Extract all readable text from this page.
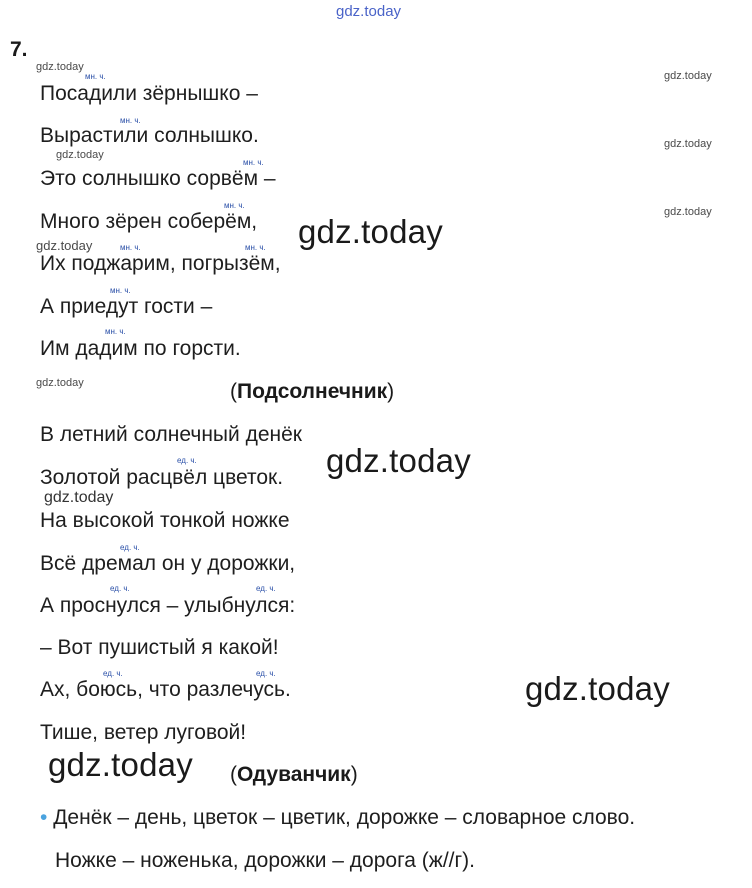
gdz.today
7.
gdz.today
gdz.today
gdz.today
gdz.today
gdz.today
gdz.today
gdz.today
gdz.today
gdz.today
gdz.today
gdz.today
gdz.today
мн. ч.
мн. ч.
мн. ч.
мн. ч.
мн. ч.	мн. ч.
мн. ч.
мн. ч.
Посадили зёрнышко –
Вырастили солнышко.
Это солнышко сорвём –
Много зёрен соберём,
Их поджарим, погрызём,
А приедут гости –
Им дадим по горсти.
(Подсолнечник)
ед. ч.
ед. ч.
ед. ч.	ед. ч.
ед. ч.	ед. ч.
В летний солнечный денёк
Золотой расцвёл цветок.
На высокой тонкой ножке
Всё дремал он у дорожки,
А проснулся – улыбнулся:
– Вот пушистый я какой!
Ах, боюсь, что разлечусь.
Тише, ветер луговой!
(Одуванчик)
• Денёк – день, цветок – цветик, дорожке – словарное слово.
Ножке – ноженька, дорожки – дорога (ж//г).
